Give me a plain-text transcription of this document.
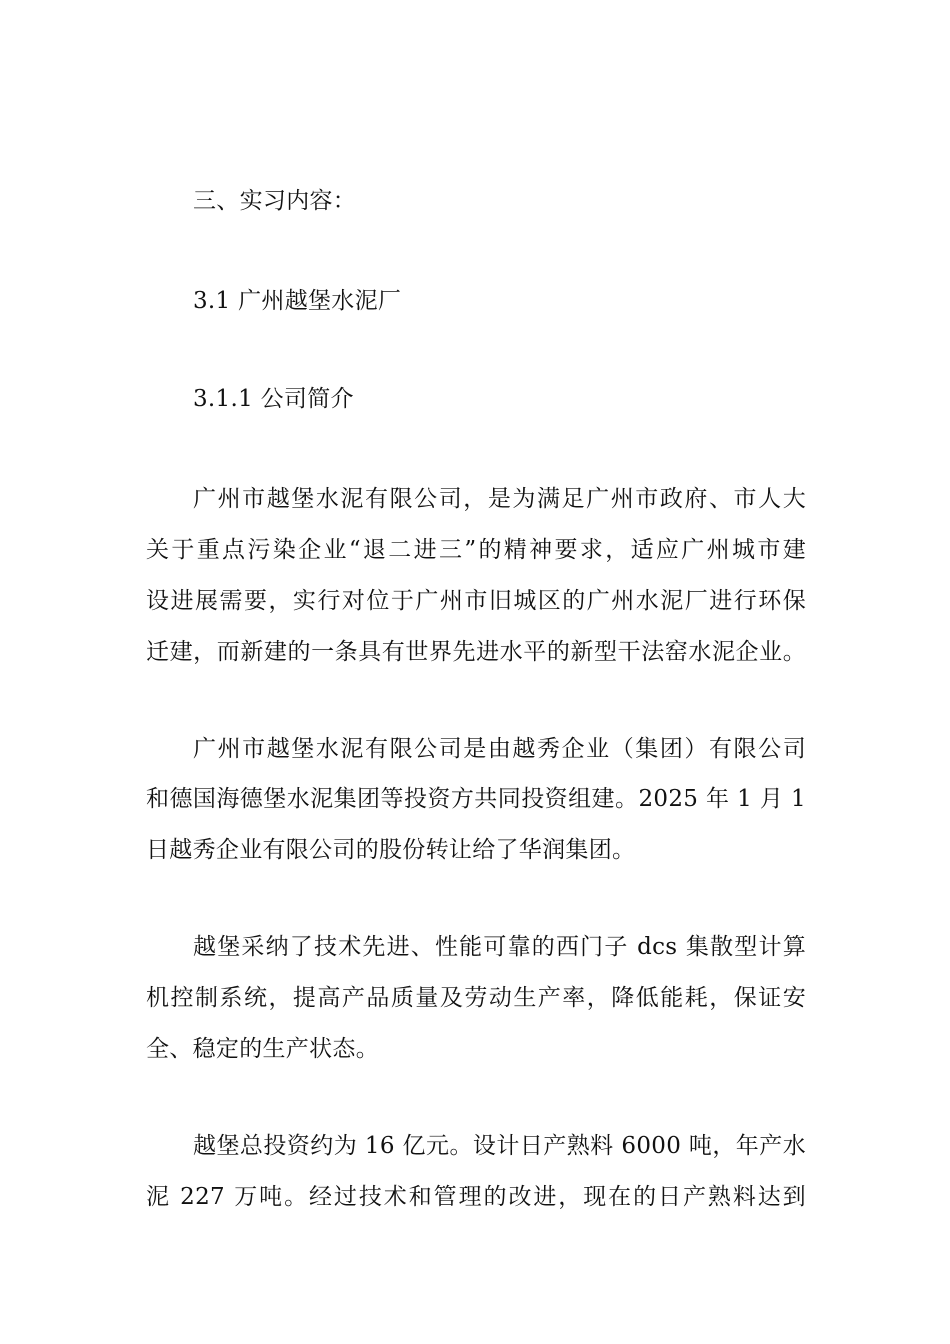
三、实习内容：
3.1 广州越堡水泥厂
3.1.1 公司简介
广州市越堡水泥有限公司，是为满足广州市政府、市人大
关于重点污染企业“退二进三”的精神要求，适应广州城市建
设进展需要，实行对位于广州市旧城区的广州水泥厂进行环保
迁建，而新建的一条具有世界先进水平的新型干法窑水泥企业。
广州市越堡水泥有限公司是由越秀企业（集团）有限公司
和德国海德堡水泥集团等投资方共同投资组建。2025 年 1 月 1
日越秀企业有限公司的股份转让给了华润集团。
越堡采纳了技术先进、性能可靠的西门子 dcs 集散型计算
机控制系统，提高产品质量及劳动生产率，降低能耗，保证安
全、稳定的生产状态。
越堡总投资约为 16 亿元。设计日产熟料 6000 吨，年产水
泥 227 万吨。经过技术和管理的改进，现在的日产熟料达到
